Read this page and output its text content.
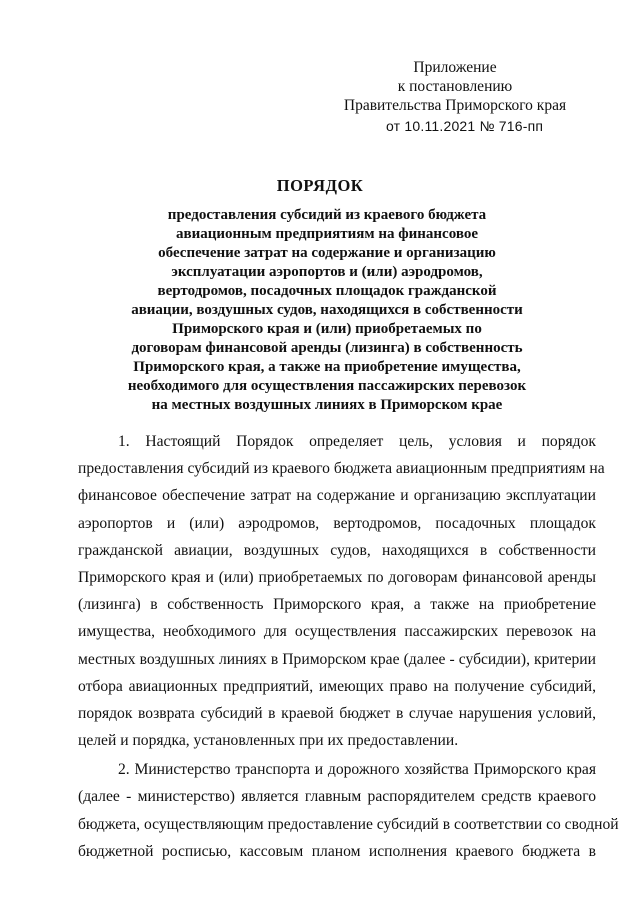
Приложение
к постановлению
Правительства Приморского края
от 10.11.2021 № 716-пп
ПОРЯДОК
предоставления субсидий из краевого бюджета
авиационным предприятиям на финансовое
обеспечение затрат на содержание и организацию
эксплуатации аэропортов и (или) аэродромов,
вертодромов, посадочных площадок гражданской
авиации, воздушных судов, находящихся в собственности
Приморского края и (или) приобретаемых по
договорам финансовой аренды (лизинга) в собственность
Приморского края, а также на приобретение имущества,
необходимого для осуществления пассажирских перевозок
на местных воздушных линиях в Приморском крае
1. Настоящий Порядок определяет цель, условия и порядок
предоставления субсидий из краевого бюджета авиационным предприятиям на
финансовое обеспечение затрат на содержание и организацию эксплуатации
аэропортов и (или) аэродромов, вертодромов, посадочных площадок
гражданской авиации, воздушных судов, находящихся в собственности
Приморского края и (или) приобретаемых по договорам финансовой аренды
(лизинга) в собственность Приморского края, а также на приобретение
имущества, необходимого для осуществления пассажирских перевозок на
местных воздушных линиях в Приморском крае (далее - субсидии), критерии
отбора авиационных предприятий, имеющих право на получение субсидий,
порядок возврата субсидий в краевой бюджет в случае нарушения условий,
целей и порядка, установленных при их предоставлении.
2. Министерство транспорта и дорожного хозяйства Приморского края
(далее - министерство) является главным распорядителем средств краевого
бюджета, осуществляющим предоставление субсидий в соответствии со сводной
бюджетной росписью, кассовым планом исполнения краевого бюджета в
